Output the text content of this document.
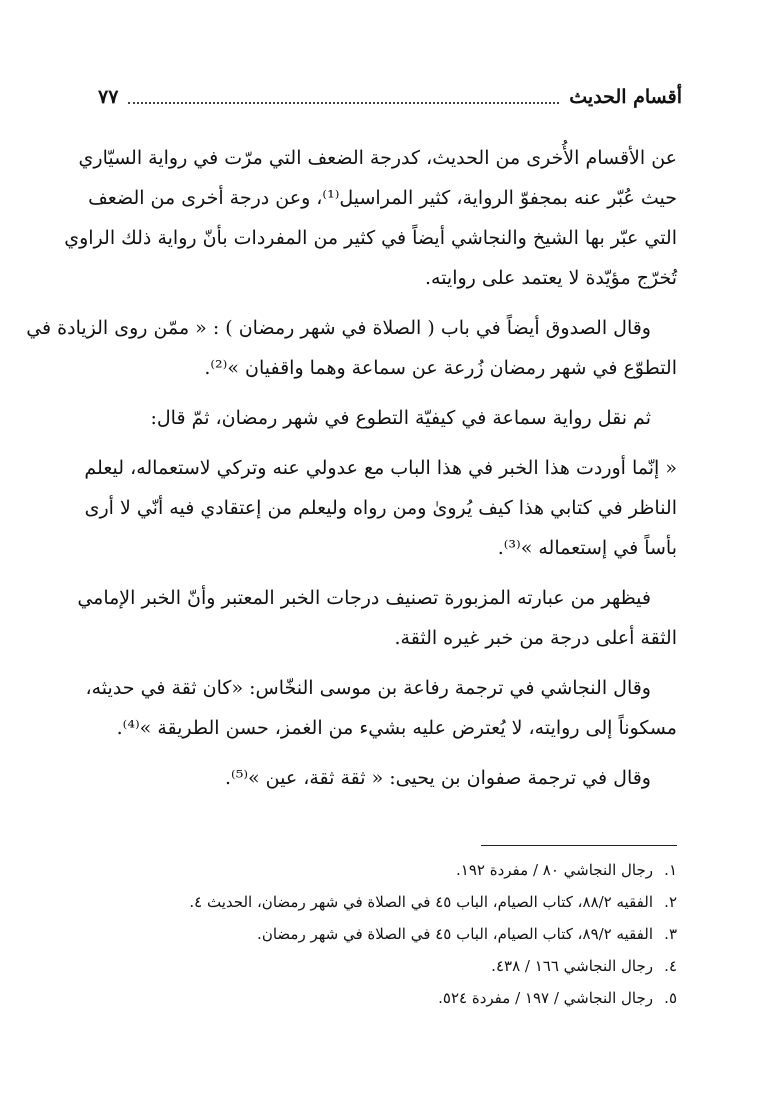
أقسام الحديث
٧٧
عن الأقسام الأُخرى من الحديث، كدرجة الضعف التي مرّت في رواية السيّاري
حيث عُبّر عنه بمجفوّ الرواية، كثير المراسيل⁽¹⁾، وعن درجة أخرى من الضعف
التي عبّر بها الشيخ والنجاشي أيضاً في كثير من المفردات بأنّ رواية ذلك الراوي
تُخرّج مؤيّدة لا يعتمد على روايته.
وقال الصدوق أيضاً في باب ( الصلاة في شهر رمضان ) : « ممّن روى الزيادة في
التطوّع في شهر رمضان زُرعة عن سماعة وهما واقفيان »⁽²⁾.
ثم نقل رواية سماعة في كيفيّة التطوع في شهر رمضان، ثمّ قال:
« إنّما أوردت هذا الخبر في هذا الباب مع عدولي عنه وتركي لاستعماله، ليعلم
الناظر في كتابي هذا كيف يُروىٰ ومن رواه وليعلم من إعتقادي فيه أنّي لا أرى
بأساً في إستعماله »⁽³⁾.
فيظهر من عبارته المزبورة تصنيف درجات الخبر المعتبر وأنّ الخبر الإمامي
الثقة أعلى درجة من خبر غيره الثقة.
وقال النجاشي في ترجمة رفاعة بن موسى النخّاس: «كان ثقة في حديثه،
مسكوناً إلى روايته، لا يُعترض عليه بشيء من الغمز، حسن الطريقة »⁽⁴⁾.
وقال في ترجمة صفوان بن يحيى: « ثقة ثقة، عين »⁽⁵⁾.
١.رجال النجاشي ٨٠ / مفردة ١٩٢.
٢.الفقيه ٨٨/٢، كتاب الصيام، الباب ٤٥ في الصلاة في شهر رمضان، الحديث ٤.
٣.الفقيه ٨٩/٢، كتاب الصيام، الباب ٤٥ في الصلاة في شهر رمضان.
٤.رجال النجاشي ١٦٦ / ٤٣٨.
٥.رجال النجاشي / ١٩٧ / مفردة ٥٢٤.
